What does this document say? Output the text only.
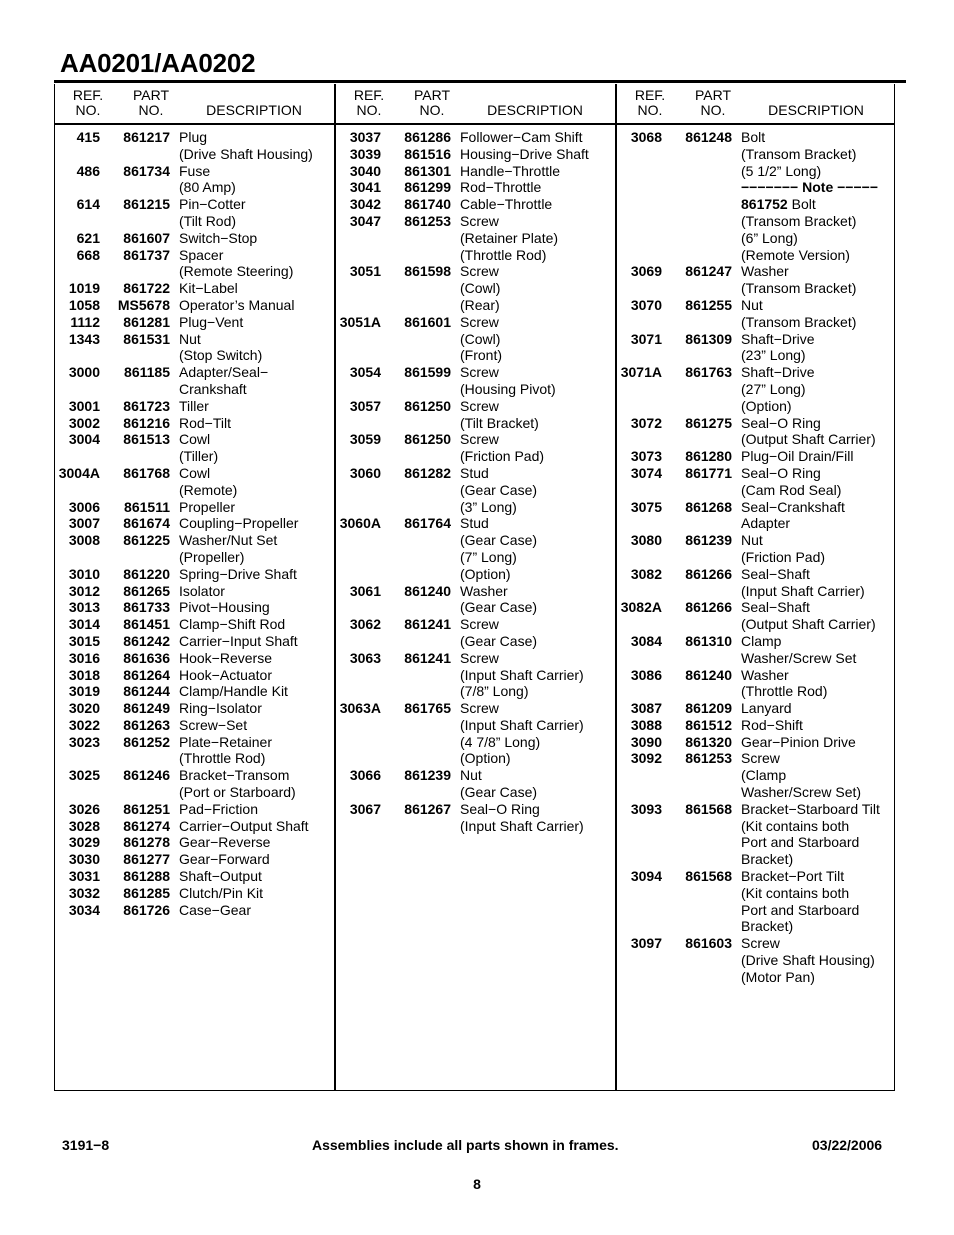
AA0201/AA0202
REF.
NO.
PART
NO.	DESCRIPTION
REF.
NO.
PART
NO.	DESCRIPTION
REF.
NO.
PART
NO.	DESCRIPTION
415	861217 Plug
(Drive Shaft Housing)
486	861734 Fuse
(80 Amp)
614	861215 Pin−Cotter
(Tilt Rod)
621	861607 Switch−Stop
668	861737 Spacer
(Remote Steering)
1019	861722 Kit−Label
1058	MS5678 Operator’s Manual
1112	861281 Plug−Vent
1343	861531 Nut
(Stop Switch)
3000	861185 Adapter/Seal−
Crankshaft
3001	861723 Tiller
3002	861216 Rod−Tilt
3004	861513 Cowl
(Tiller)
3004A	861768 Cowl
(Remote)
3006	861511 Propeller
3007	861674 Coupling−Propeller
3008	861225 Washer/Nut Set
(Propeller)
3010	861220 Spring−Drive Shaft
3012	861265 Isolator
3013	861733 Pivot−Housing
3014	861451 Clamp−Shift Rod
3015	861242 Carrier−Input Shaft
3016	861636 Hook−Reverse
3018	861264 Hook−Actuator
3019	861244 Clamp/Handle Kit
3020	861249 Ring−Isolator
3022	861263 Screw−Set
3023	861252 Plate−Retainer
(Throttle Rod)
3025	861246 Bracket−Transom
(Port or Starboard)
3026	861251 Pad−Friction
3028	861274 Carrier−Output Shaft
3029	861278 Gear−Reverse
3030	861277 Gear−Forward
3031	861288 Shaft−Output
3032	861285 Clutch/Pin Kit
3034	861726 Case−Gear
3037	861286 Follower−Cam Shift
3039	861516 Housing−Drive Shaft
3040	861301 Handle−Throttle
3041	861299 Rod−Throttle
3042	861740 Cable−Throttle
3047	861253 Screw
(Retainer Plate)
(Throttle Rod)
3051	861598 Screw
(Cowl)
(Rear)
3051A	861601 Screw
(Cowl)
(Front)
3054	861599 Screw
(Housing Pivot)
3057	861250 Screw
(Tilt Bracket)
3059	861250 Screw
(Friction Pad)
3060	861282 Stud
(Gear Case)
(3” Long)
3060A	861764 Stud
(Gear Case)
(7” Long)
(Option)
3061	861240 Washer
(Gear Case)
3062	861241 Screw
(Gear Case)
3063	861241 Screw
(Input Shaft Carrier)
(7/8” Long)
3063A	861765 Screw
(Input Shaft Carrier)
(4 7/8” Long)
(Option)
3066	861239 Nut
(Gear Case)
3067	861267 Seal−O Ring
(Input Shaft Carrier)
3068	861248 Bolt
(Transom Bracket)
(5 1/2” Long)
−−−−−−− Note −−−−−
861752 Bolt
(Transom Bracket)
(6” Long)
(Remote Version)
3069	861247 Washer
(Transom Bracket)
3070	861255 Nut
(Transom Bracket)
3071	861309 Shaft−Drive
(23” Long)
3071A	861763 Shaft−Drive
(27” Long)
(Option)
3072	861275 Seal−O Ring
(Output Shaft Carrier)
3073	861280 Plug−Oil Drain/Fill
3074	861771 Seal−O Ring
(Cam Rod Seal)
3075	861268 Seal−Crankshaft
Adapter
3080	861239 Nut
(Friction Pad)
3082	861266 Seal−Shaft
(Input Shaft Carrier)
3082A	861266 Seal−Shaft
(Output Shaft Carrier)
3084	861310 Clamp
Washer/Screw Set
3086	861240 Washer
(Throttle Rod)
3087	861209 Lanyard
3088	861512 Rod−Shift
3090	861320 Gear−Pinion Drive
3092	861253 Screw
(Clamp
Washer/Screw Set)
3093	861568 Bracket−Starboard Tilt
(Kit contains both
Port and Starboard
Bracket)
3094	861568 Bracket−Port Tilt
(Kit contains both
Port and Starboard
Bracket)
3097	861603 Screw
(Drive Shaft Housing)
(Motor Pan)
3191−8	Assemblies include all parts shown in frames.	03/22/2006
8
